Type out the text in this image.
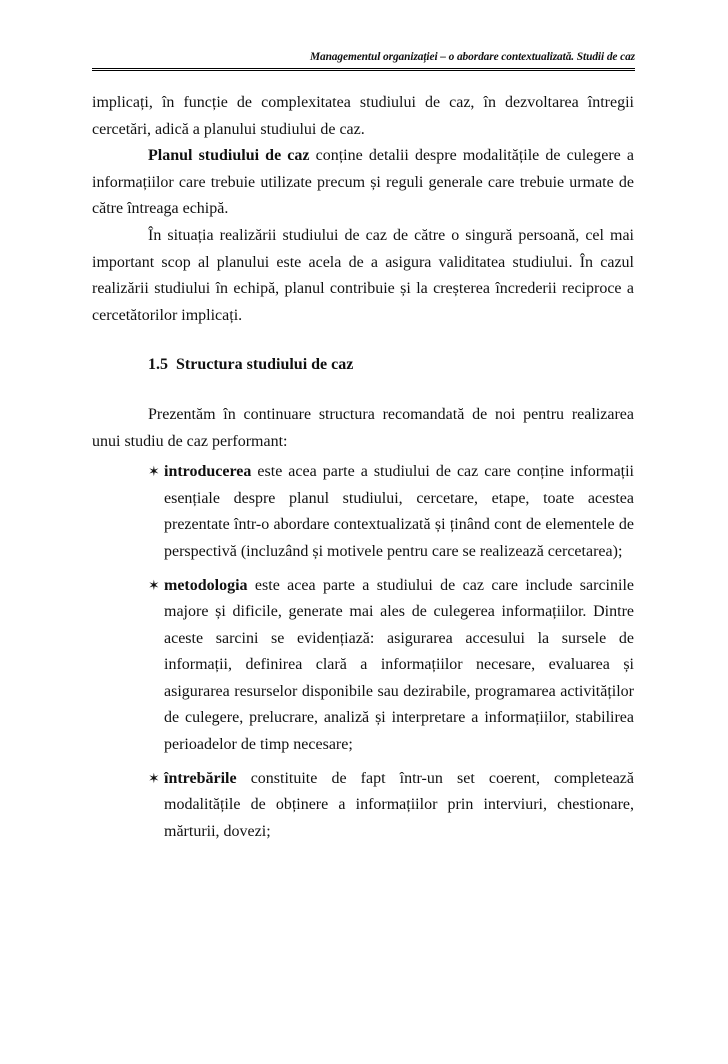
Managementul organizației – o abordare contextualizată. Studii de caz

implicați, în funcție de complexitatea studiului de caz, în dezvoltarea întregii cercetări, adică a planului studiului de caz.

Planul studiului de caz conține detalii despre modalitățile de culegere a informațiilor care trebuie utilizate precum și reguli generale care trebuie urmate de către întreaga echipă.

În situația realizării studiului de caz de către o singură persoană, cel mai important scop al planului este acela de a asigura validitatea studiului. În cazul realizării studiului în echipă, planul contribuie și la creșterea încrederii reciproce a cercetătorilor implicați.

1.5 Structura studiului de caz

Prezentăm în continuare structura recomandată de noi pentru realizarea unui studiu de caz performant:

✶ introducerea este acea parte a studiului de caz care conține informații esențiale despre planul studiului, cercetare, etape, toate acestea prezentate într-o abordare contextualizată și ținând cont de elementele de perspectivă (incluzând și motivele pentru care se realizează cercetarea);
✶ metodologia este acea parte a studiului de caz care include sarcinile majore și dificile, generate mai ales de culegerea informațiilor. Dintre aceste sarcini se evidențiază: asigurarea accesului la sursele de informații, definirea clară a informațiilor necesare, evaluarea și asigurarea resurselor disponibile sau dezirabile, programarea activităților de culegere, prelucrare, analiză și interpretare a informațiilor, stabilirea perioadelor de timp necesare;
✶ întrebările constituite de fapt într-un set coerent, completează modalitățile de obținere a informațiilor prin interviuri, chestionare, mărturii, dovezi;
